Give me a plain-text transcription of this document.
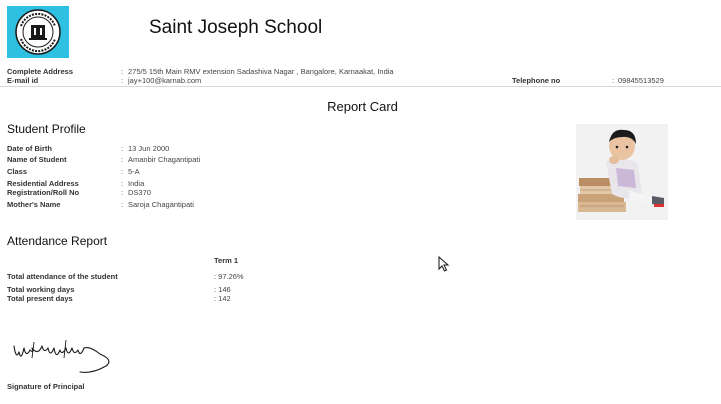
Saint Joseph School
Complete Address	: 275/5 15th Main RMV extension Sadashiva Nagar , Bangalore, Karnaakat, India
E-mail id	: jay+100@karnab.com	Telephone no	: 09845513529
Report Card
Student Profile
Date of Birth	: 13 Jun 2000
Name of Student	: Amanbir Chagantipati
Class	: 5-A
Residential Address	: India
Registration/Roll No	: DS370
Mother's Name	: Saroja Chagantipati
Attendance Report
Term 1
Total attendance of the student	: 97.26%
Total working days	: 146
Total present days	: 142
Signature of Principal
